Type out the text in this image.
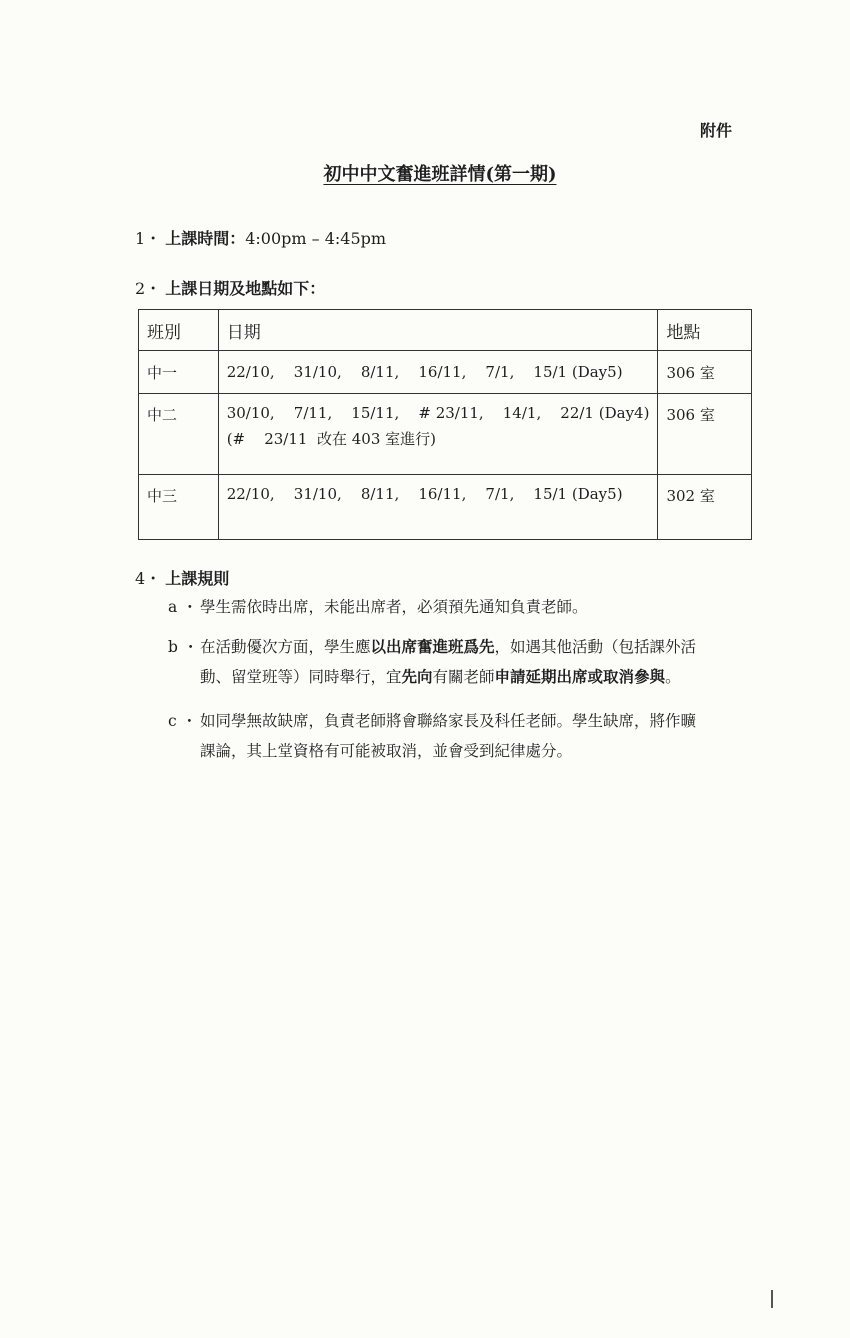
附件
初中中文奮進班詳情(第一期)
1・ 上課時間：4:00pm – 4:45pm
2・ 上課日期及地點如下：
班別	日期	地點
中一	22/10,    31/10,    8/11,    16/11,    7/1,    15/1 (Day5)	306 室
中二	30/10,    7/11,    15/11,    # 23/11,    14/1,    22/1 (Day4)
(#    23/11  改在 403 室進行)	306 室
中三	22/10,    31/10,    8/11,    16/11,    7/1,    15/1 (Day5)	302 室
4・ 上課規則
a ・ 學生需依時出席，未能出席者，必須預先通知負責老師。
b ・ 在活動優次方面，學生應以出席奮進班爲先，如遇其他活動（包括課外活
動、留堂班等）同時舉行，宜先向有關老師申請延期出席或取消參與。
c ・ 如同學無故缺席，負責老師將會聯絡家長及科任老師。學生缺席，將作曠
課論，其上堂資格有可能被取消，並會受到紀律處分。
